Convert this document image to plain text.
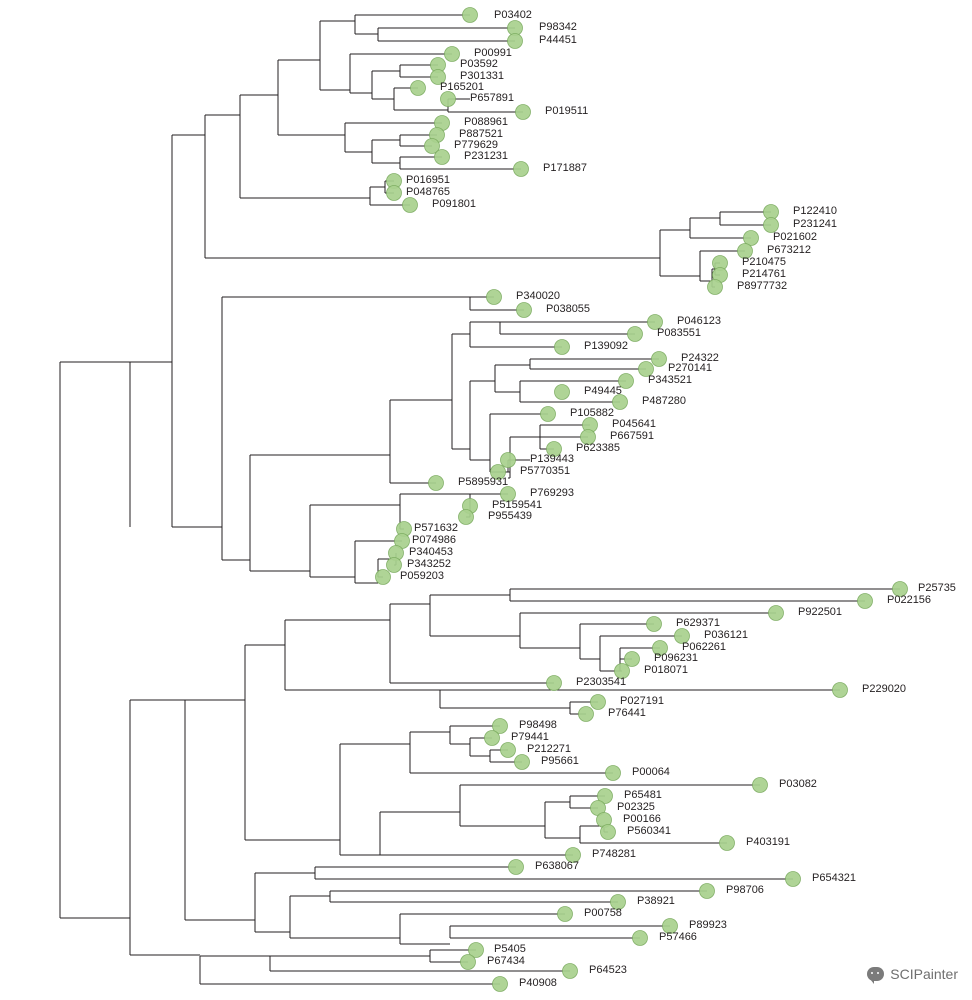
P03402
P98342
P44451
P00991
P03592
P301331
P165201
P657891
P019511
P088961
P887521
P779629
P231231
P171887
P016951
P048765
P091801
P122410
P231241
P021602
P673212
P210475
P214761
P8977732
P340020
P038055
P046123
P083551
P139092
P24322
P270141
P343521
P49445
P487280
P105882
P045641
P667591
P623385
P139443
P5770351
P5895931
P769293
P5159541
P955439
P571632
P074986
P340453
P343252
P059203
P25735
P022156
P922501
P629371
P036121
P062261
P096231
P018071
P2303541
P229020
P027191
P76441
P98498
P79441
P212271
P95661
P00064
P03082
P65481
P02325
P00166
P560341
P403191
P748281
P638067
P654321
P98706
P38921
P00758
P89923
P57466
P5405
P67434
P64523
P40908
SCIPainter
